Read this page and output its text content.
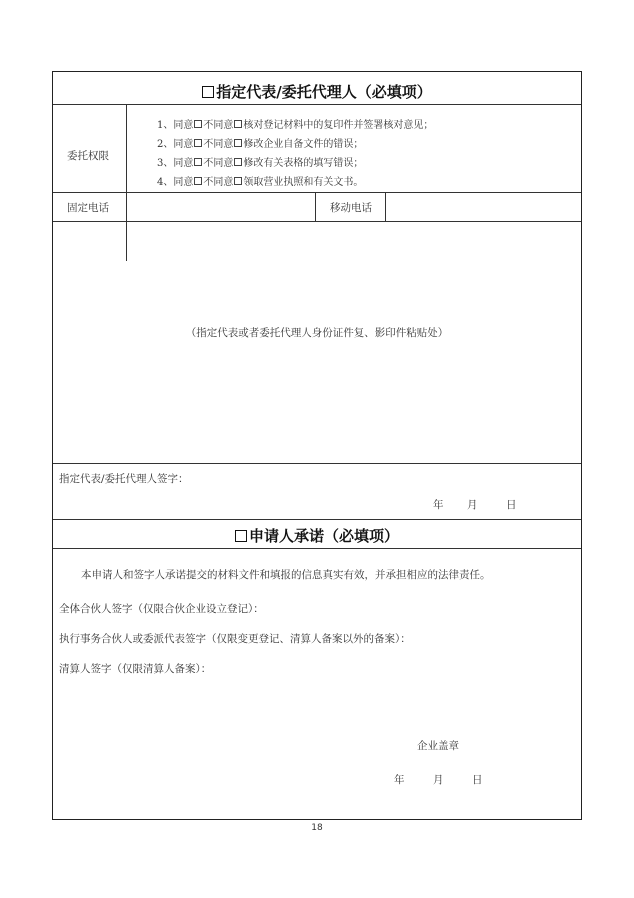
指定代表/委托代理人（必填项）
委托权限
1、同意 不同意 核对登记材料中的复印件并签署核对意见；
2、同意 不同意 修改企业自备文件的错误；
3、同意 不同意 修改有关表格的填写错误；
4、同意 不同意 领取营业执照和有关文书。
固定电话	移动电话
（指定代表或者委托代理人身份证件复、影印件粘贴处）
指定代表/委托代理人签字：
年 月	日
申请人承诺（必填项）
本申请人和签字人承诺提交的材料文件和填报的信息真实有效，并承担相应的法律责任。
全体合伙人签字（仅限合伙企业设立登记）：
执行事务合伙人或委派代表签字（仅限变更登记、清算人备案以外的备案）：
清算人签字（仅限清算人备案）：
企业盖章
年	月	日
18
